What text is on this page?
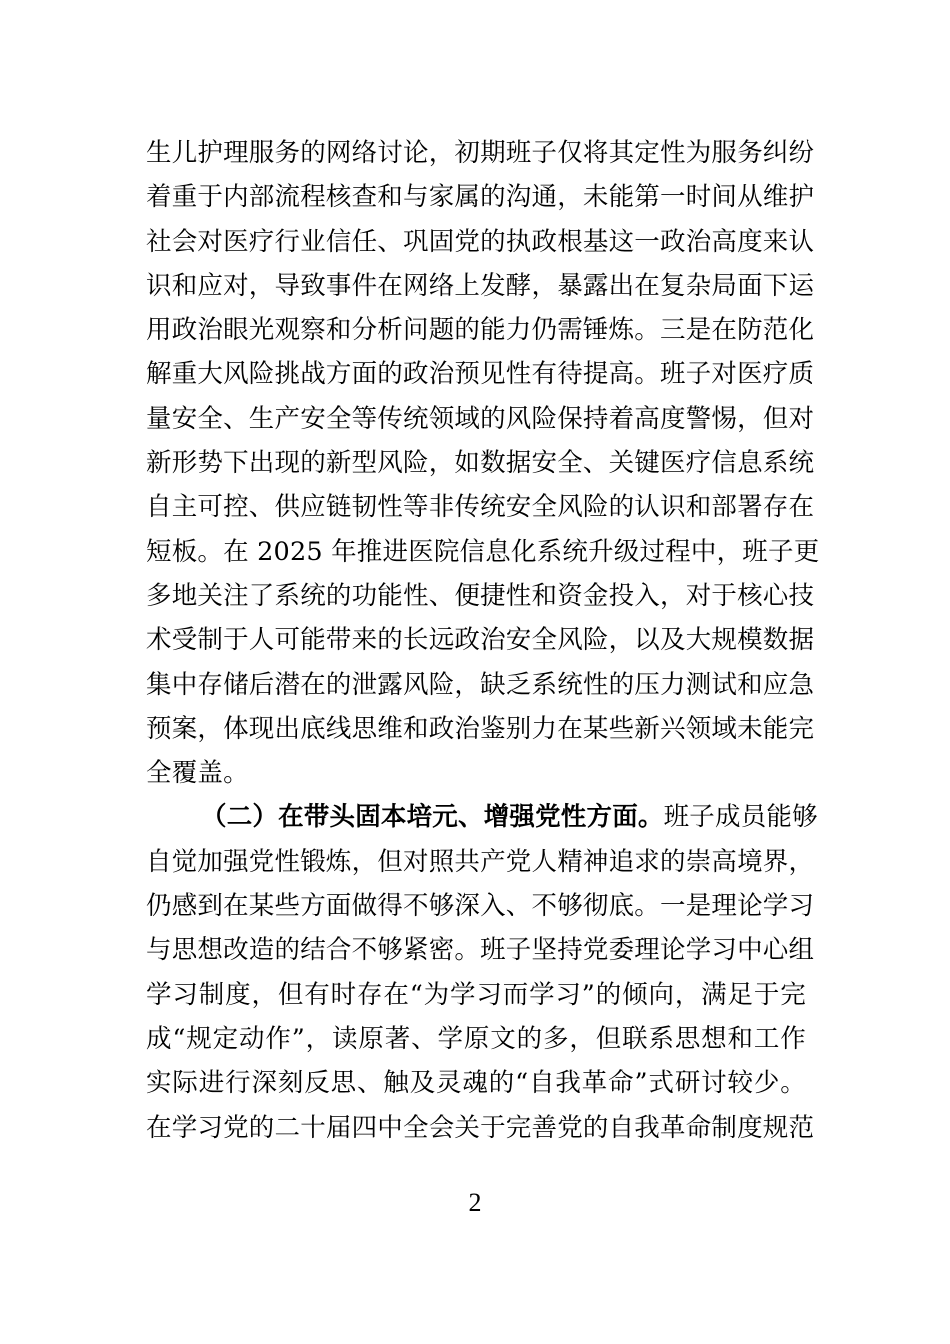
生儿护理服务的网络讨论，初期班子仅将其定性为服务纠纷
着重于内部流程核查和与家属的沟通，未能第一时间从维护
社会对医疗行业信任、巩固党的执政根基这一政治高度来认
识和应对，导致事件在网络上发酵，暴露出在复杂局面下运
用政治眼光观察和分析问题的能力仍需锤炼。三是在防范化
解重大风险挑战方面的政治预见性有待提高。班子对医疗质
量安全、生产安全等传统领域的风险保持着高度警惕，但对
新形势下出现的新型风险，如数据安全、关键医疗信息系统
自主可控、供应链韧性等非传统安全风险的认识和部署存在
短板。在 2025 年推进医院信息化系统升级过程中，班子更
多地关注了系统的功能性、便捷性和资金投入，对于核心技
术受制于人可能带来的长远政治安全风险，以及大规模数据
集中存储后潜在的泄露风险，缺乏系统性的压力测试和应急
预案，体现出底线思维和政治鉴别力在某些新兴领域未能完
全覆盖。
（二）在带头固本培元、增强党性方面。班子成员能够
自觉加强党性锻炼，但对照共产党人精神追求的崇高境界，
仍感到在某些方面做得不够深入、不够彻底。一是理论学习
与思想改造的结合不够紧密。班子坚持党委理论学习中心组
学习制度，但有时存在“为学习而学习”的倾向，满足于完
成“规定动作”，读原著、学原文的多，但联系思想和工作
实际进行深刻反思、触及灵魂的“自我革命”式研讨较少。
在学习党的二十届四中全会关于完善党的自我革命制度规范
2
